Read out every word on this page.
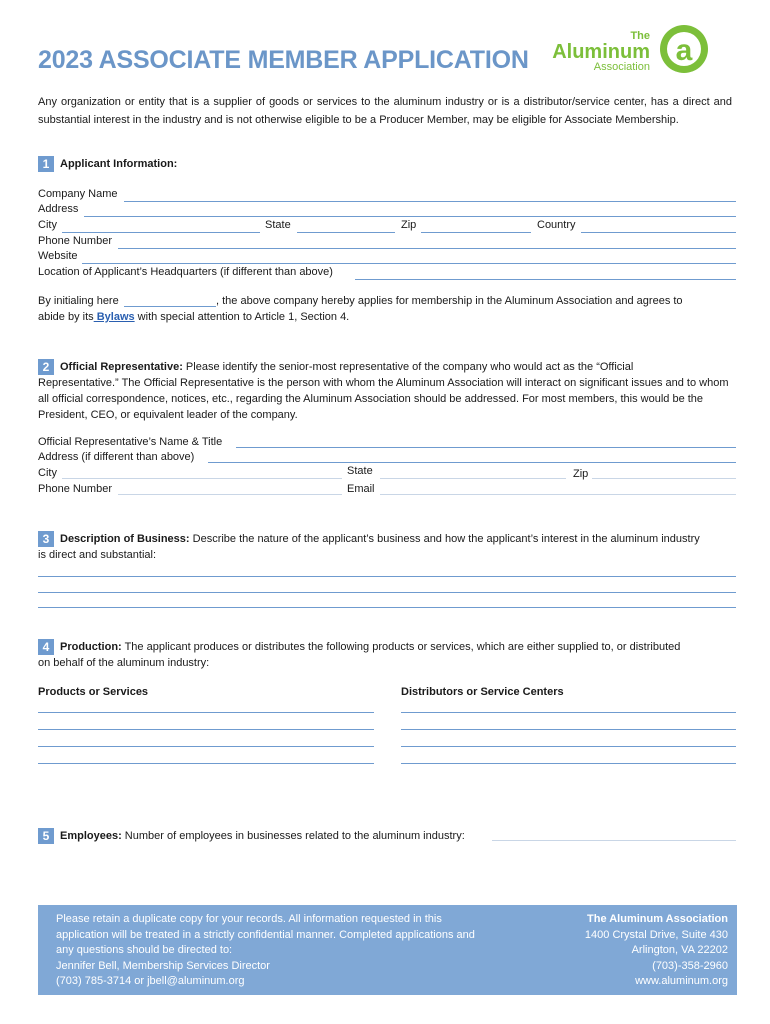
2023 ASSOCIATE MEMBER APPLICATION
The
Aluminum
Association a
Any organization or entity that is a supplier of goods or services to the aluminum industry or is a distributor/service center, has a direct and substantial interest in the industry and is not otherwise eligible to be a Producer Member, may be eligible for Associate Membership.
1 Applicant Information:
Company Name
Address
City	State	Zip	Country
Phone Number
Website
Location of Applicant’s Headquarters (if different than above)
By initialing here	, the above company hereby applies for membership in the Aluminum Association and agrees to
abide by its Bylaws with special attention to Article 1, Section 4.
2 Official Representative: Please identify the senior-most representative of the company who would act as the “Official
Representative.” The Official Representative is the person with whom the Aluminum Association will interact on significant issues and to whom all official correspondence, notices, etc., regarding the Aluminum Association should be addressed. For most members, this would be the President, CEO, or equivalent leader of the company.
Official Representative’s Name & Title
Address (if different than above)
City	State	Zip
Phone Number	Email
3 Description of Business: Describe the nature of the applicant’s business and how the applicant’s interest in the aluminum industry
is direct and substantial:
4 Production: The applicant produces or distributes the following products or services, which are either supplied to, or distributed
on behalf of the aluminum industry:
Products or Services	Distributors or Service Centers
5 Employees: Number of employees in businesses related to the aluminum industry:
Please retain a duplicate copy for your records. All information requested in this
application will be treated in a strictly confidential manner. Completed applications and
any questions should be directed to:
Jennifer Bell, Membership Services Director
(703) 785-3714 or jbell@aluminum.org
The Aluminum Association
1400 Crystal Drive, Suite 430
Arlington, VA 22202
(703)-358-2960
www.aluminum.org
